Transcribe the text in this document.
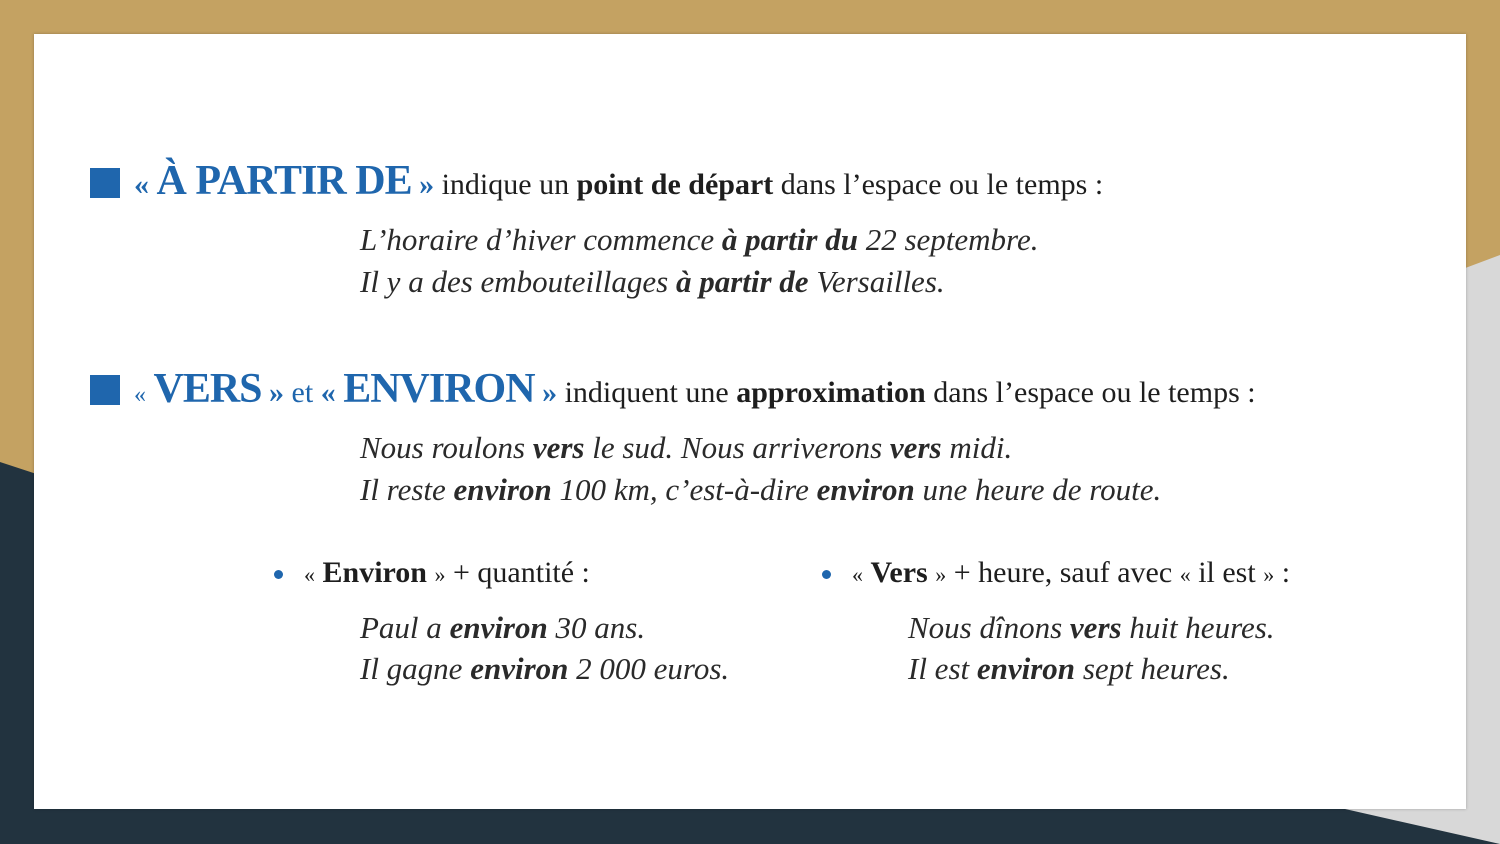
« À PARTIR DE » indique un point de départ dans l’espace ou le temps :
L’horaire d’hiver commence à partir du 22 septembre.
Il y a des embouteillages à partir de Versailles.
« VERS » et « ENVIRON » indiquent une approximation dans l’espace ou le temps :
Nous roulons vers le sud. Nous arriverons vers midi.
Il reste environ 100 km, c’est-à-dire environ une heure de route.
« Environ » + quantité :
Paul a environ 30 ans.
Il gagne environ 2 000 euros.
« Vers » + heure, sauf avec « il est » :
Nous dînons vers huit heures.
Il est environ sept heures.
